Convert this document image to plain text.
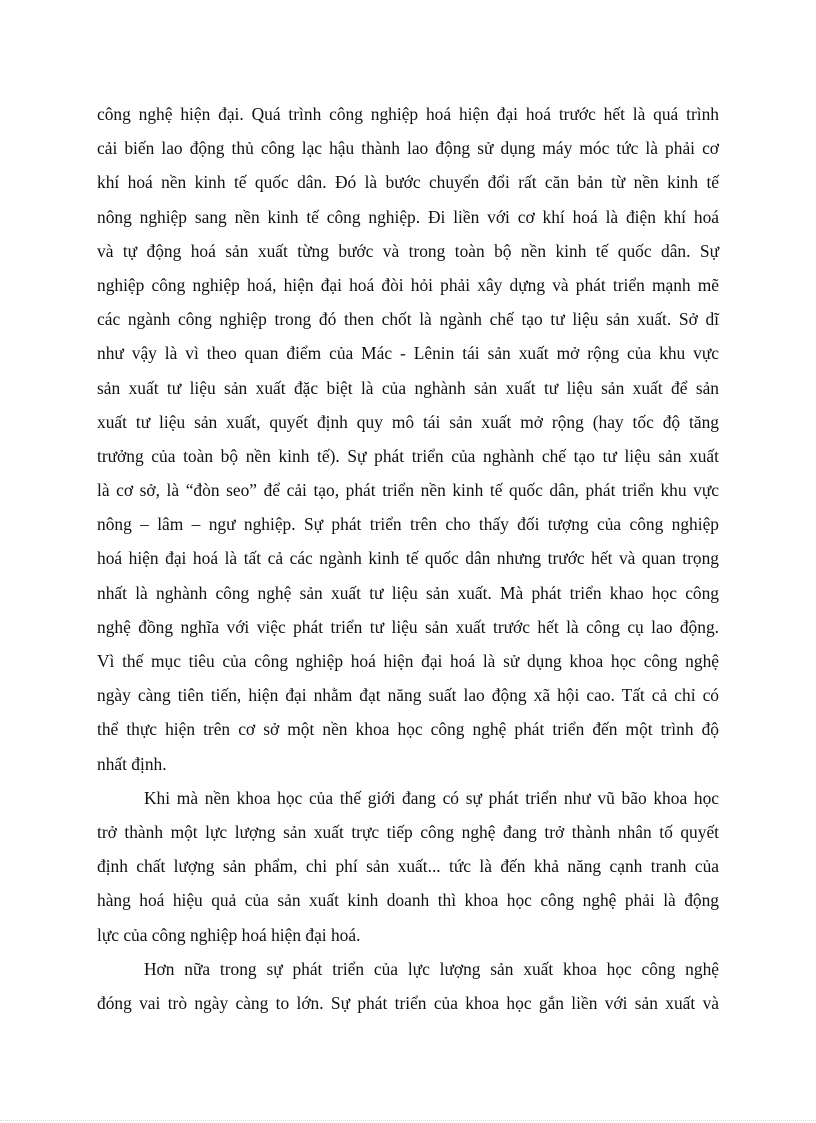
công nghệ hiện đại. Quá trình công nghiệp hoá hiện đại hoá trước hết là quá trình
cải biến lao động thủ công lạc hậu thành lao động sử dụng máy móc tức là phải cơ
khí hoá nền kinh tế quốc dân. Đó là bước chuyển đổi rất căn bản từ nền kinh tế
nông nghiệp sang nền kinh tế công nghiệp. Đi liền với cơ khí hoá là điện khí hoá
và tự động hoá sản xuất từng bước và trong toàn bộ nền kinh tế quốc dân. Sự
nghiệp công nghiệp hoá, hiện đại hoá đòi hỏi phải xây dựng và phát triển mạnh mẽ
các ngành công nghiệp trong đó then chốt là ngành chế tạo tư liệu sản xuất. Sở dĩ
như vậy là vì theo quan điểm của Mác - Lênin tái sản xuất mở rộng của khu vực
sản xuất tư liệu sản xuất đặc biệt là của nghành sản xuất tư liệu sản xuất để sản
xuất tư liệu sản xuất, quyết định quy mô tái sản xuất mở rộng (hay tốc độ tăng
trưởng của toàn bộ nền kinh tế). Sự phát triển của nghành chế tạo tư liệu sản xuất
là cơ sở, là “đòn seo” để cải tạo, phát triển nền kinh tế quốc dân, phát triển khu vực
nông – lâm – ngư nghiệp. Sự phát triển trên cho thấy đối tượng của công nghiệp
hoá hiện đại hoá là tất cả các ngành kinh tế quốc dân nhưng trước hết và quan trọng
nhất là nghành công nghệ sản xuất tư liệu sản xuất. Mà phát triển khao học công
nghệ đồng nghĩa với việc phát triển tư liệu sản xuất trước hết là công cụ lao động.
Vì thế mục tiêu của công nghiệp hoá hiện đại hoá là sử dụng khoa học công nghệ
ngày càng tiên tiến, hiện đại nhằm đạt năng suất lao động xã hội cao. Tất cả chỉ có
thể thực hiện trên cơ sở một nền khoa học công nghệ phát triển đến một trình độ
nhất định.
Khi mà nền khoa học của thế giới đang có sự phát triển như vũ bão khoa học
trở thành một lực lượng sản xuất trực tiếp công nghệ đang trở thành nhân tố quyết
định chất lượng sản phẩm, chi phí sản xuất... tức là đến khả năng cạnh tranh của
hàng hoá hiệu quả của sản xuất kinh doanh thì khoa học công nghệ phải là động
lực của công nghiệp hoá hiện đại hoá.
Hơn nữa trong sự phát triển của lực lượng sản xuất khoa học công nghệ
đóng vai trò ngày càng to lớn. Sự phát triển của khoa học gắn liền với sản xuất và
